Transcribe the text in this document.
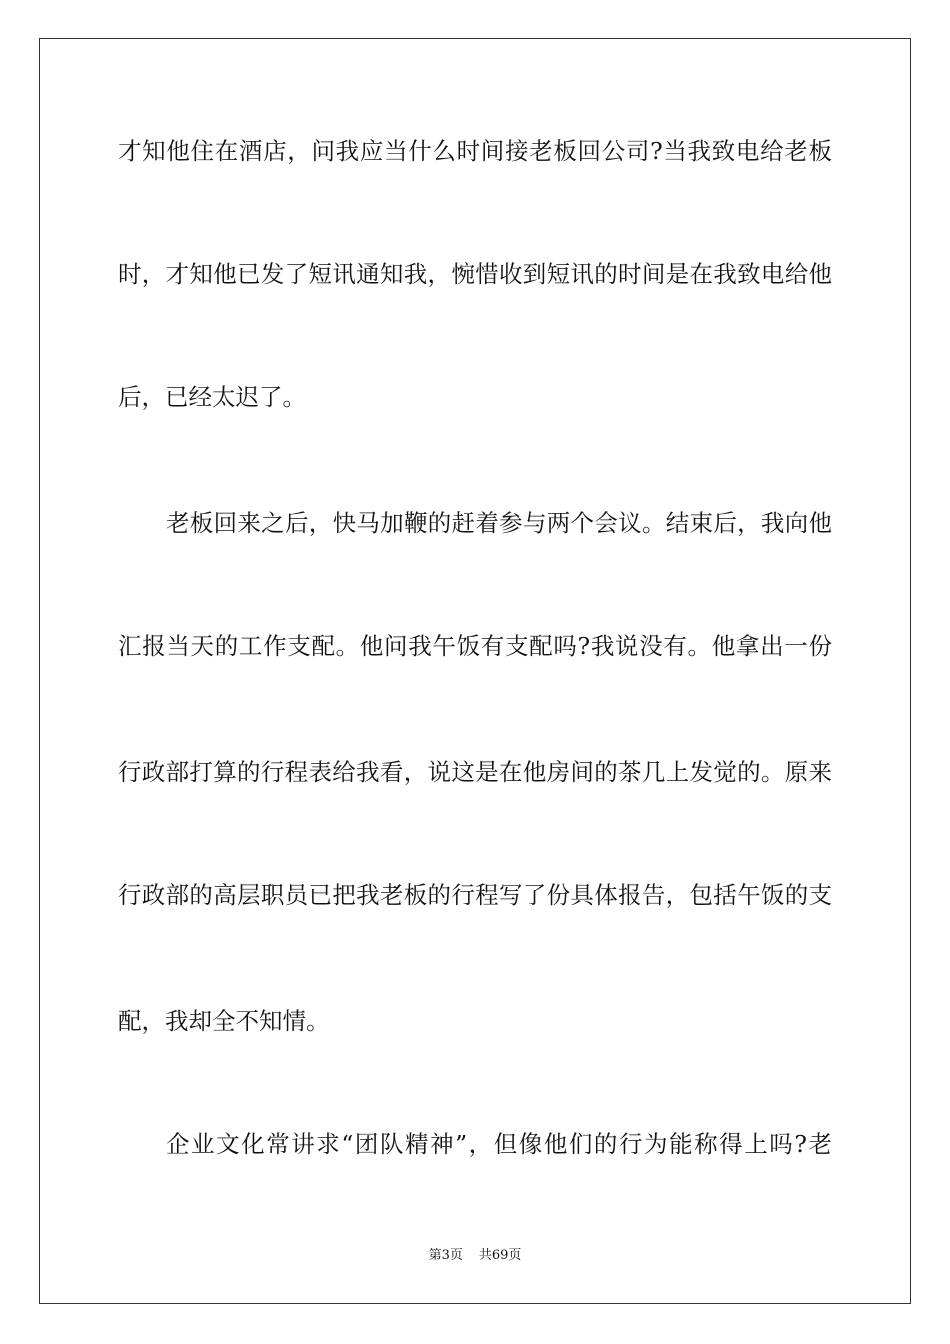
才知他住在酒店，问我应当什么时间接老板回公司?当我致电给老板
时，才知他已发了短讯通知我，惋惜收到短讯的时间是在我致电给他
后，已经太迟了。
老板回来之后，快马加鞭的赶着参与两个会议。结束后，我向他
汇报当天的工作支配。他问我午饭有支配吗?我说没有。他拿出一份
行政部打算的行程表给我看，说这是在他房间的茶几上发觉的。原来
行政部的高层职员已把我老板的行程写了份具体报告，包括午饭的支
配，我却全不知情。
企业文化常讲求“团队精神”，但像他们的行为能称得上吗?老
第3页 共69页
